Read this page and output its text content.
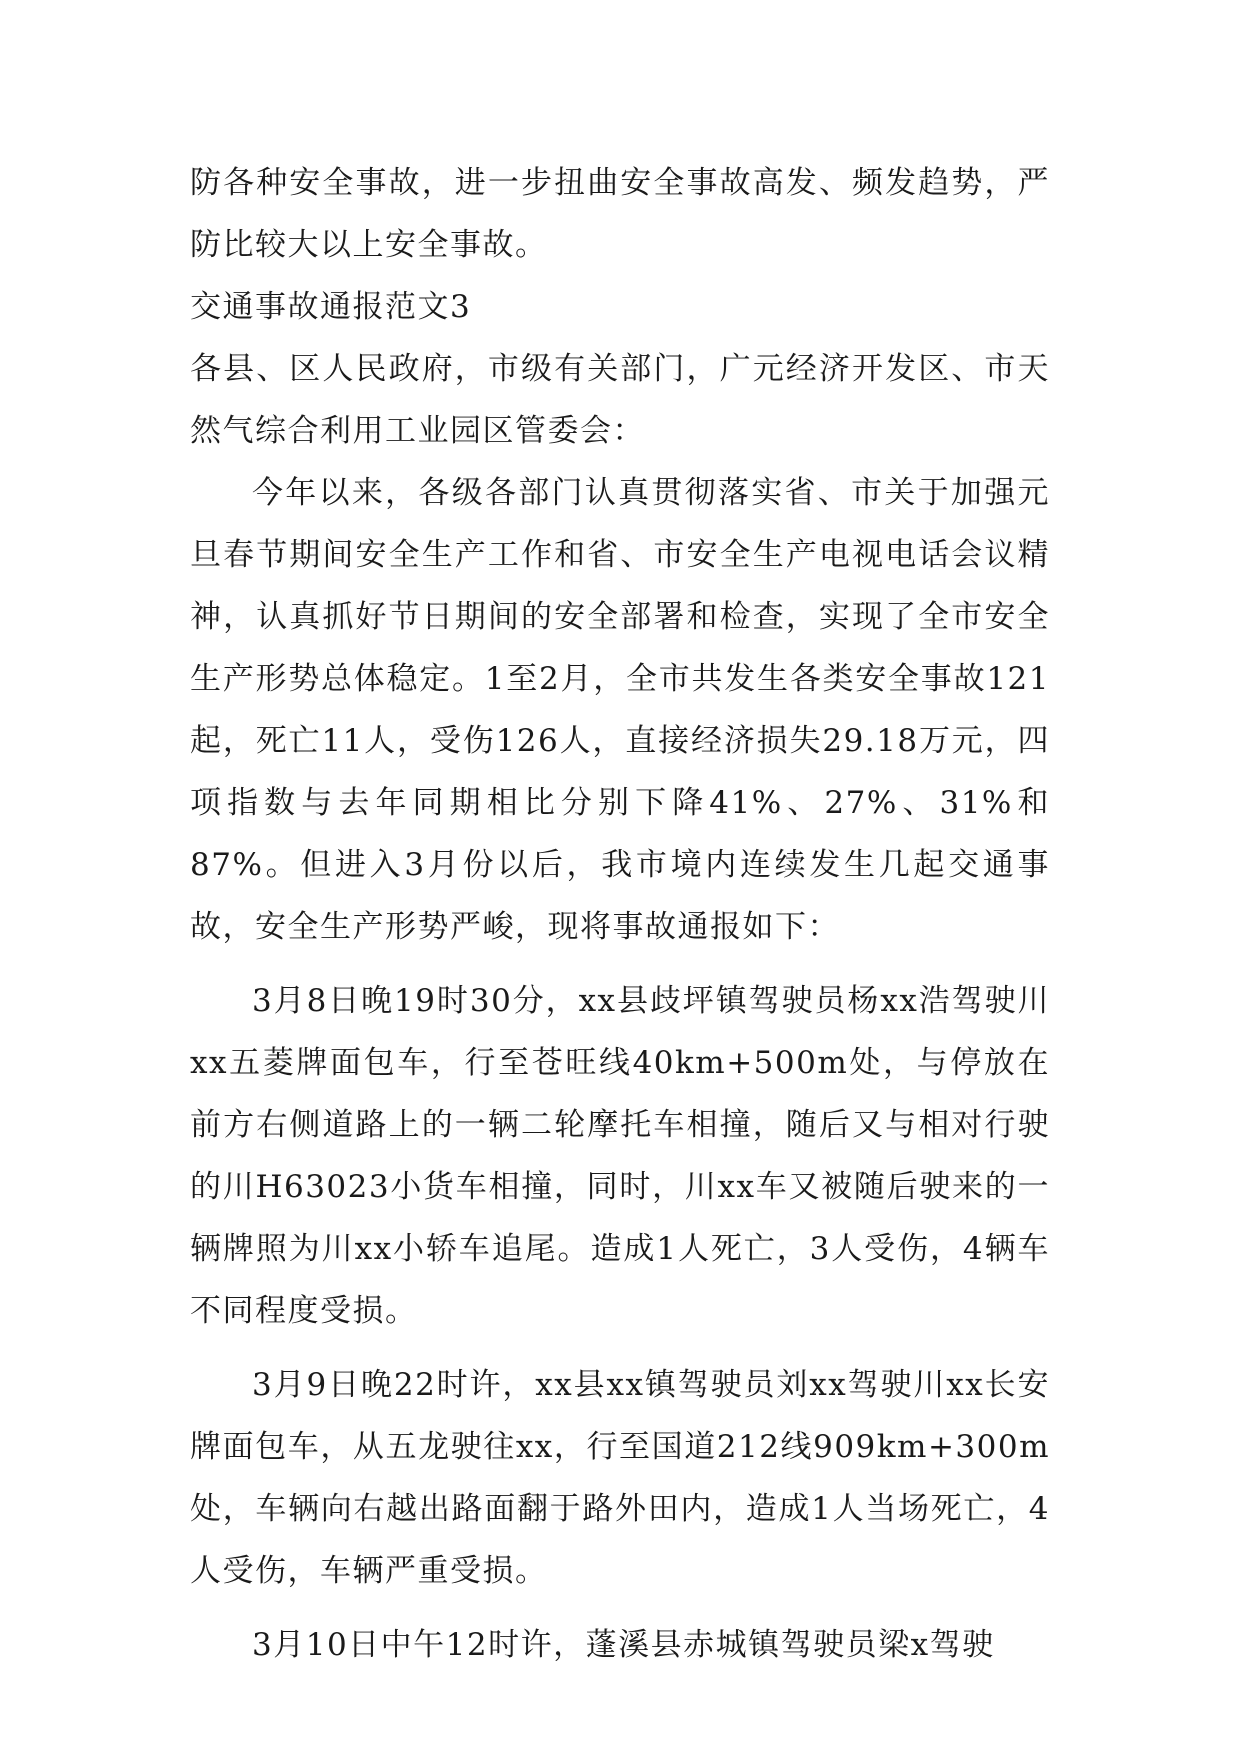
防各种安全事故，进一步扭曲安全事故高发、频发趋势，严防比较大以上安全事故。

交通事故通报范文3

各县、区人民政府，市级有关部门，广元经济开发区、市天然气综合利用工业园区管委会：

今年以来，各级各部门认真贯彻落实省、市关于加强元旦春节期间安全生产工作和省、市安全生产电视电话会议精神，认真抓好节日期间的安全部署和检查，实现了全市安全生产形势总体稳定。1至2月，全市共发生各类安全事故121起，死亡11人，受伤126人，直接经济损失29.18万元，四项指数与去年同期相比分别下降41%、27%、31%和87%。但进入3月份以后，我市境内连续发生几起交通事故，安全生产形势严峻，现将事故通报如下：

3月8日晚19时30分，xx县歧坪镇驾驶员杨xx浩驾驶川xx五菱牌面包车，行至苍旺线40km+500m处，与停放在前方右侧道路上的一辆二轮摩托车相撞，随后又与相对行驶的川H63023小货车相撞，同时，川xx车又被随后驶来的一辆牌照为川xx小轿车追尾。造成1人死亡，3人受伤，4辆车不同程度受损。

3月9日晚22时许，xx县xx镇驾驶员刘xx驾驶川xx长安牌面包车，从五龙驶往xx，行至国道212线909km+300m处，车辆向右越出路面翻于路外田内，造成1人当场死亡，4人受伤，车辆严重受损。

3月10日中午12时许，蓬溪县赤城镇驾驶员梁x驾驶
